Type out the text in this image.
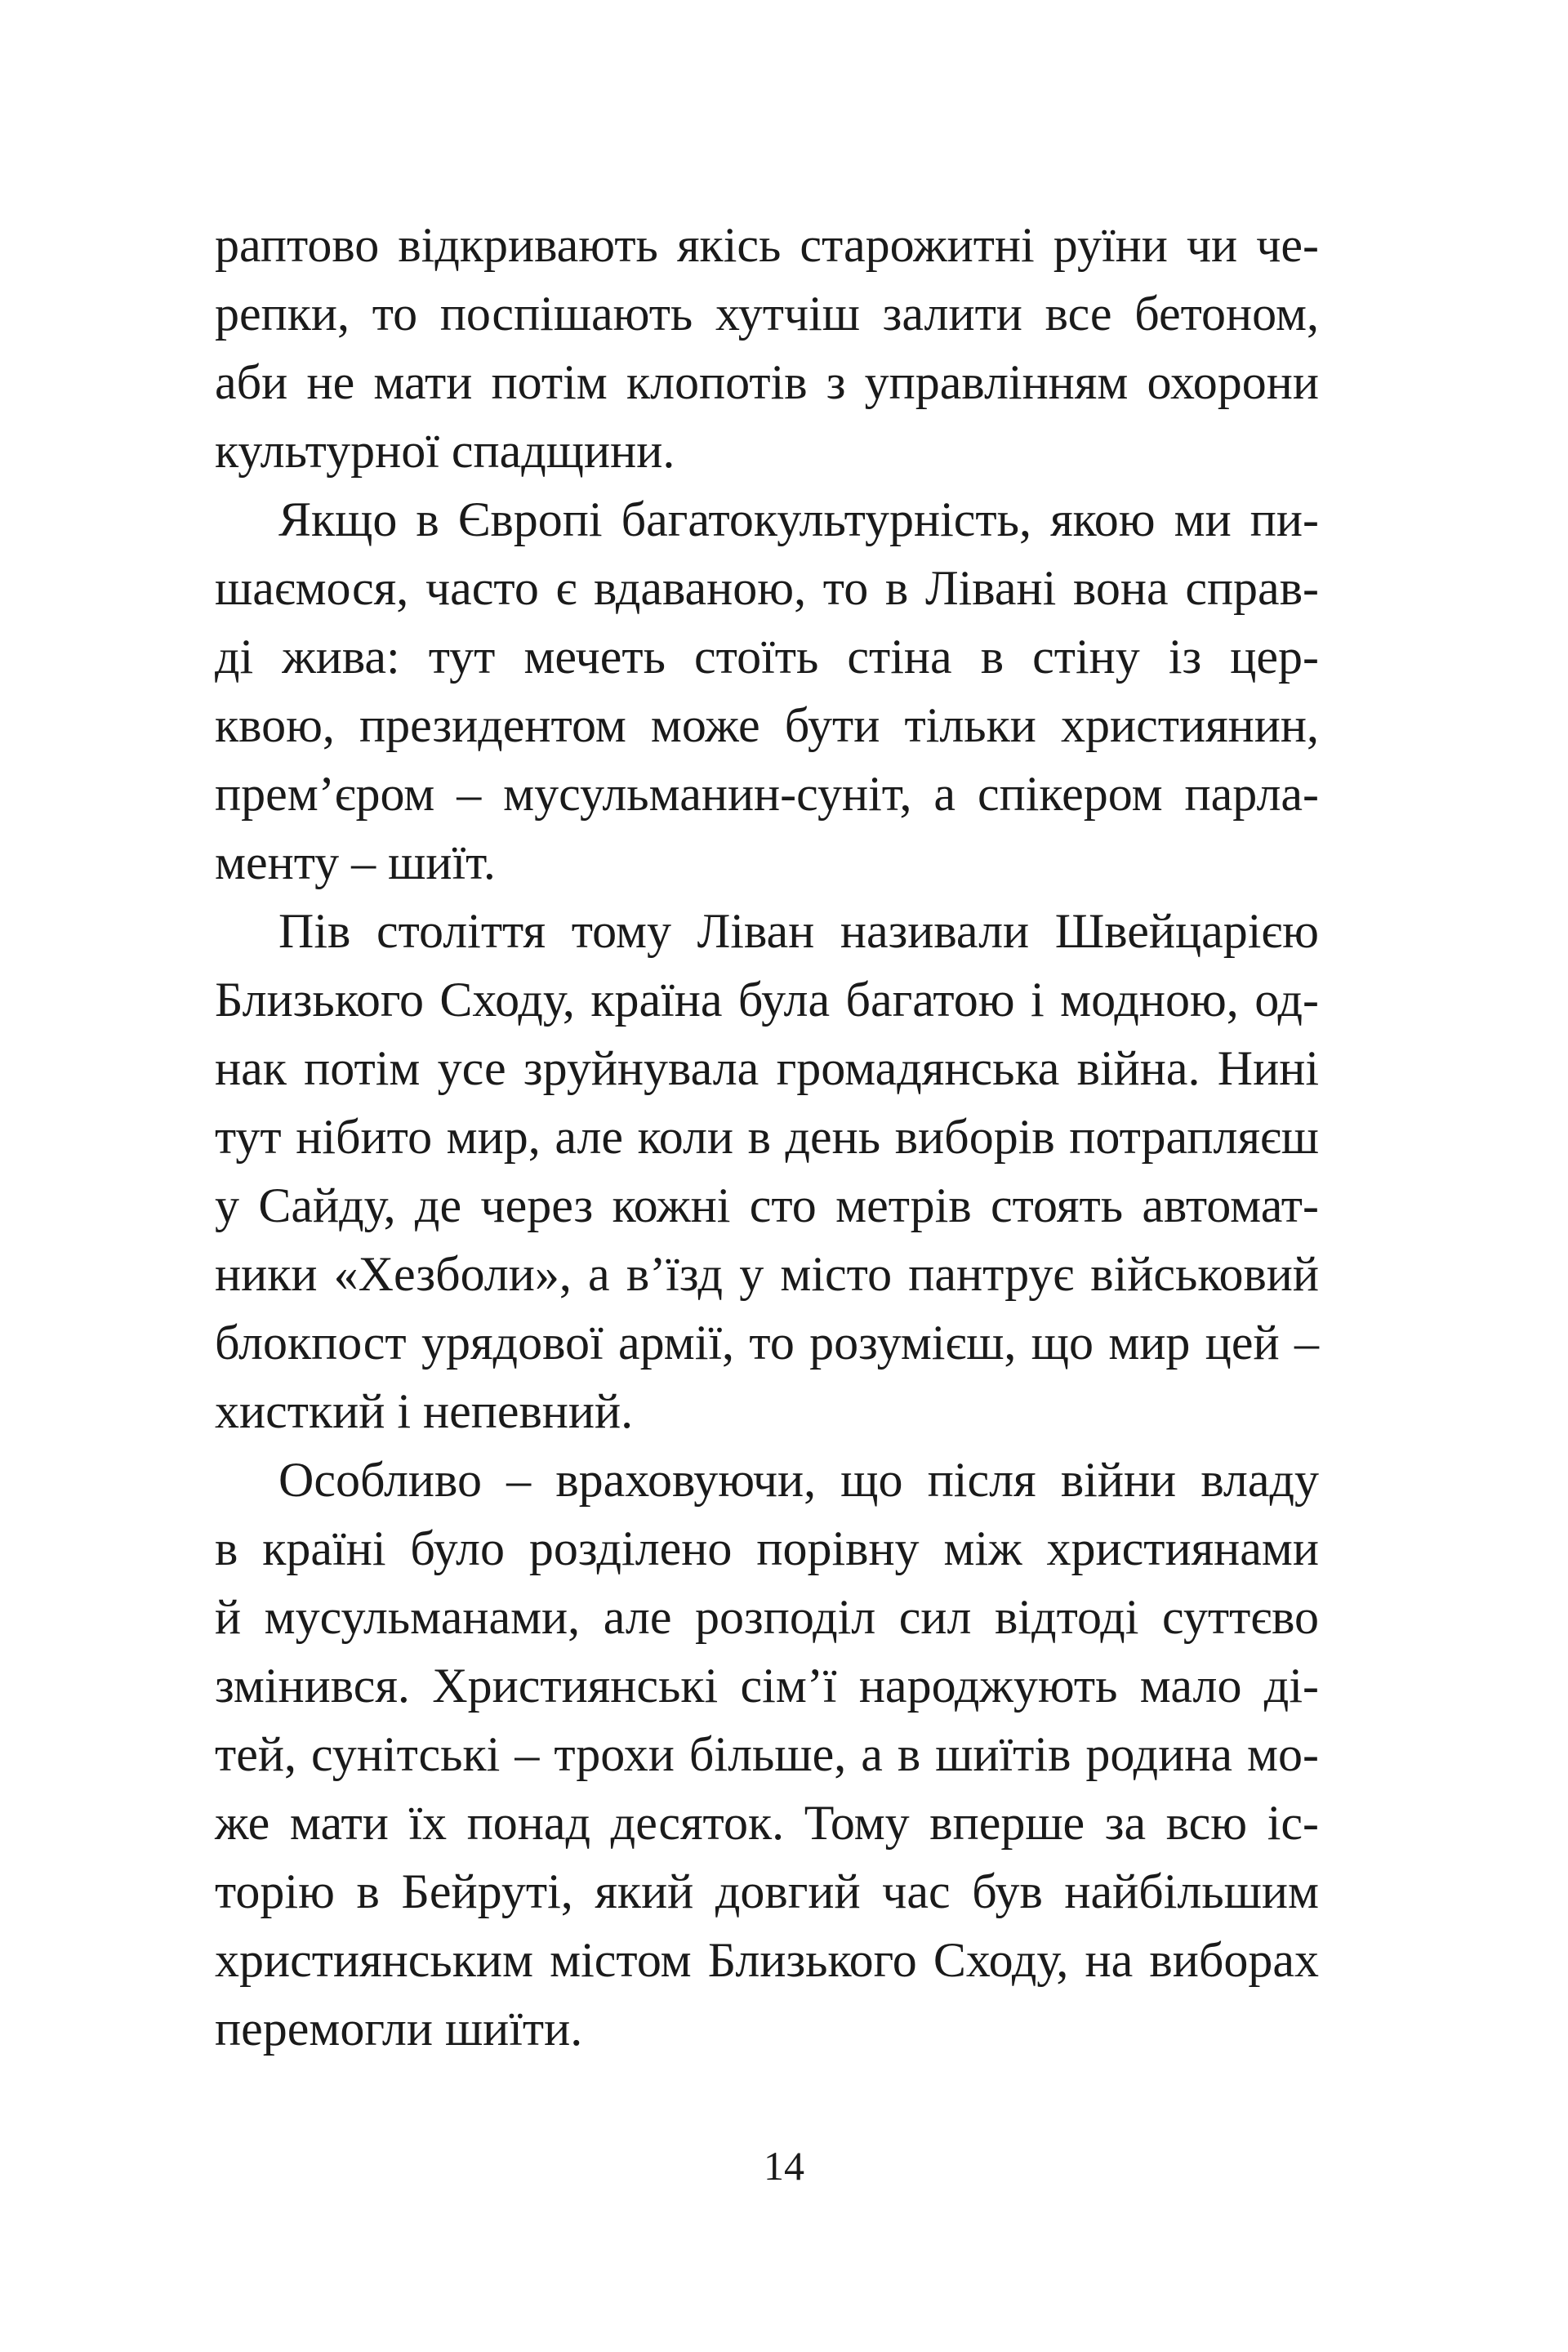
раптово відкривають якісь старожитні руїни чи че-
репки, то поспішають хутчіш залити все бетоном,
аби не мати потім клопотів з управлінням охорони
культурної спадщини.
Якщо в Європі багатокультурність, якою ми пи-
шаємося, часто є вдаваною, то в Лівані вона справ-
ді жива: тут мечеть стоїть стіна в стіну із цер-
квою, президентом може бути тільки християнин,
прем’єром – мусульманин-суніт, а спікером парла-
менту – шиїт.
Пів століття тому Ліван називали Швейцарією
Близького Сходу, країна була багатою і модною, од-
нак потім усе зруйнувала громадянська війна. Нині
тут нібито мир, але коли в день виборів потрапляєш
у Сайду, де через кожні сто метрів стоять автомат-
ники «Хезболи», а в’їзд у місто пантрує військовий
блокпост урядової армії, то розумієш, що мир цей –
хисткий і непевний.
Особливо – враховуючи, що після війни владу
в країні було розділено порівну між християнами
й мусульманами, але розподіл сил відтоді суттєво
змінився. Християнські сім’ї народжують мало ді-
тей, сунітські – трохи більше, а в шиїтів родина мо-
же мати їх понад десяток. Тому вперше за всю іс-
торію в Бейруті, який довгий час був найбільшим
християнським містом Близького Сходу, на виборах
перемогли шиїти.
14
